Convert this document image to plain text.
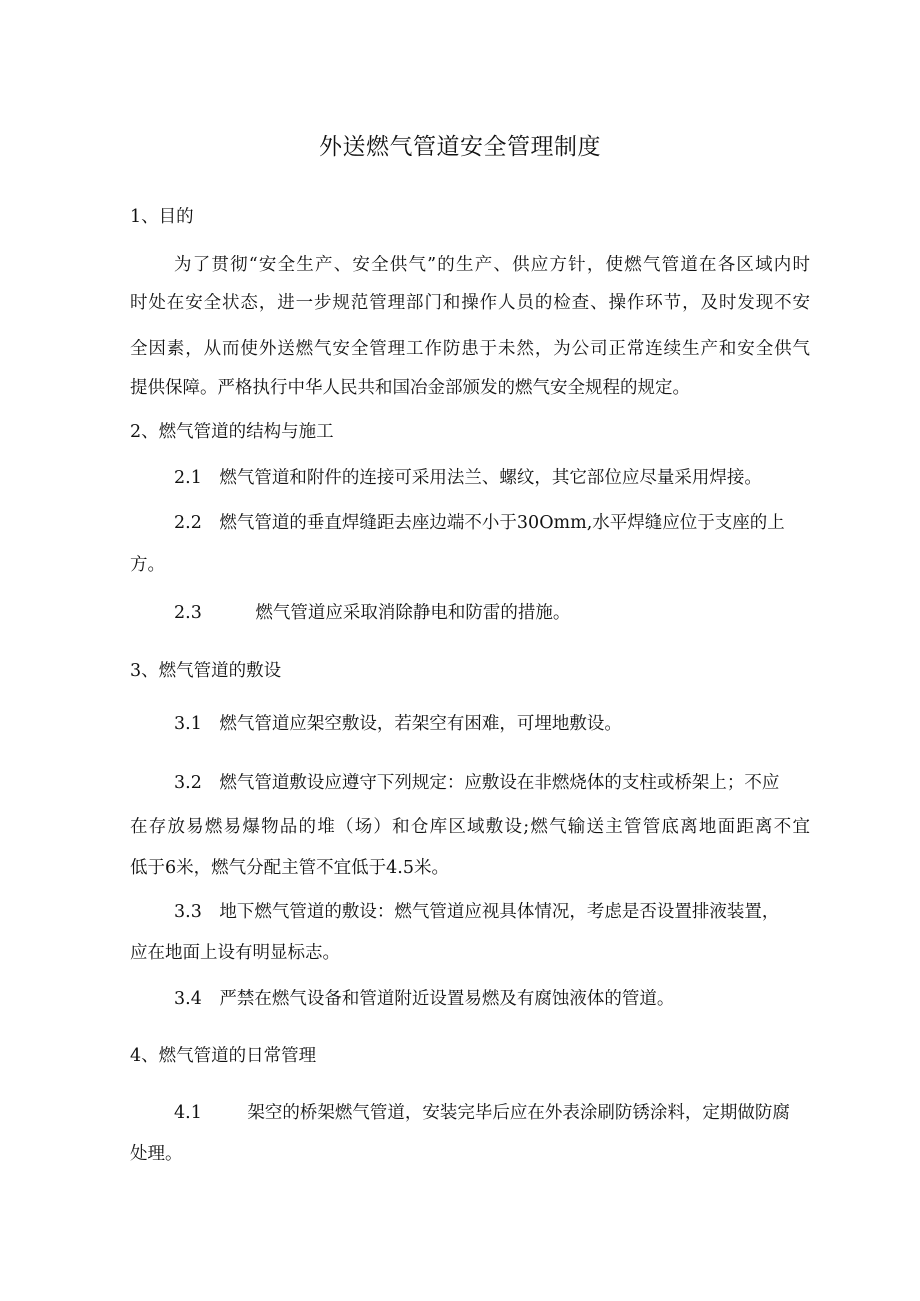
外送燃气管道安全管理制度
1、目的
为了贯彻“安全生产、安全供气”的生产、供应方针，使燃气管道在各区域内时
时处在安全状态，进一步规范管理部门和操作人员的检查、操作环节，及时发现不安
全因素，从而使外送燃气安全管理工作防患于未然，为公司正常连续生产和安全供气
提供保障。严格执行中华人民共和国冶金部颁发的燃气安全规程的规定。
2、燃气管道的结构与施工
2.1 燃气管道和附件的连接可采用法兰、螺纹，其它部位应尽量采用焊接。
2.2 燃气管道的垂直焊缝距去座边端不小于30Omm,水平焊缝应位于支座的上
方。
2.3	燃气管道应采取消除静电和防雷的措施。
3、燃气管道的敷设
3.1 燃气管道应架空敷设，若架空有困难，可埋地敷设。
3.2 燃气管道敷设应遵守下列规定：应敷设在非燃烧体的支柱或桥架上；不应
在存放易燃易爆物品的堆（场）和仓库区域敷设;燃气输送主管管底离地面距离不宜
低于6米，燃气分配主管不宜低于4.5米。
3.3 地下燃气管道的敷设：燃气管道应视具体情况，考虑是否设置排液装置，
应在地面上设有明显标志。
3.4 严禁在燃气设备和管道附近设置易燃及有腐蚀液体的管道。
4、燃气管道的日常管理
4.1	架空的桥架燃气管道，安装完毕后应在外表涂刷防锈涂料，定期做防腐
处理。
